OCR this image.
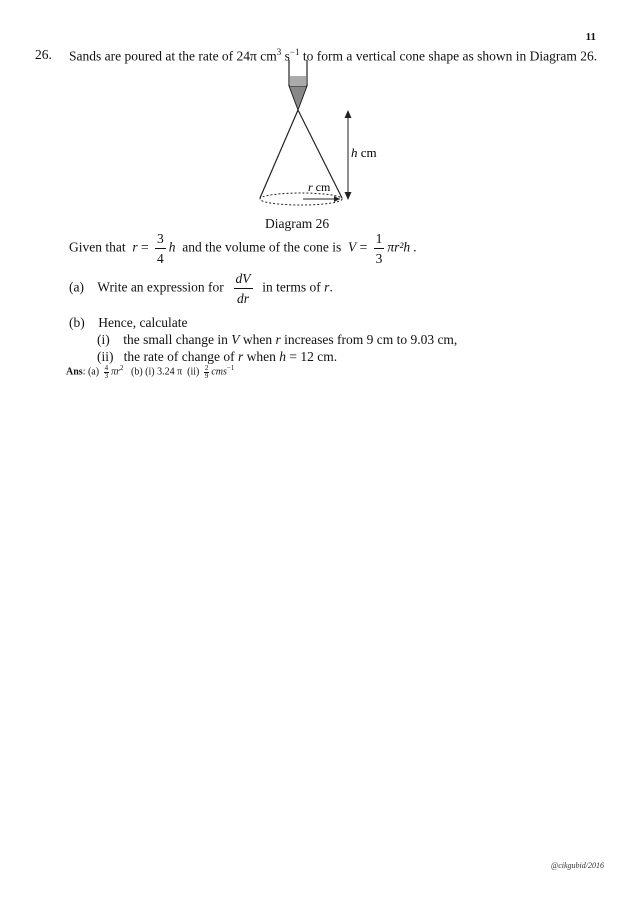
11
26. Sands are poured at the rate of 24π $cm^3$ $s^{-1}$ to form a vertical cone shape as shown in Diagram 26.
r cm
h cm
Diagram 26
Given that $r = \frac{3}{4}$ h and the volume of the cone is $V = \frac{1}{3} \pi r^2h$ .
(a) Write an expression for $\frac{dV}{dr}$ in terms of r.
(b) Hence, calculate
(i) the small change in V when r increases from 9 cm to 9.03 cm,
(ii) the rate of change of r when h = 12 cm.
Ans: $(a) \frac{4}{3} \pi r^2$ (b) (i) 3.24 π $(ii) \frac{2}{9} cms^{-1}$
@cikgubid/2016
